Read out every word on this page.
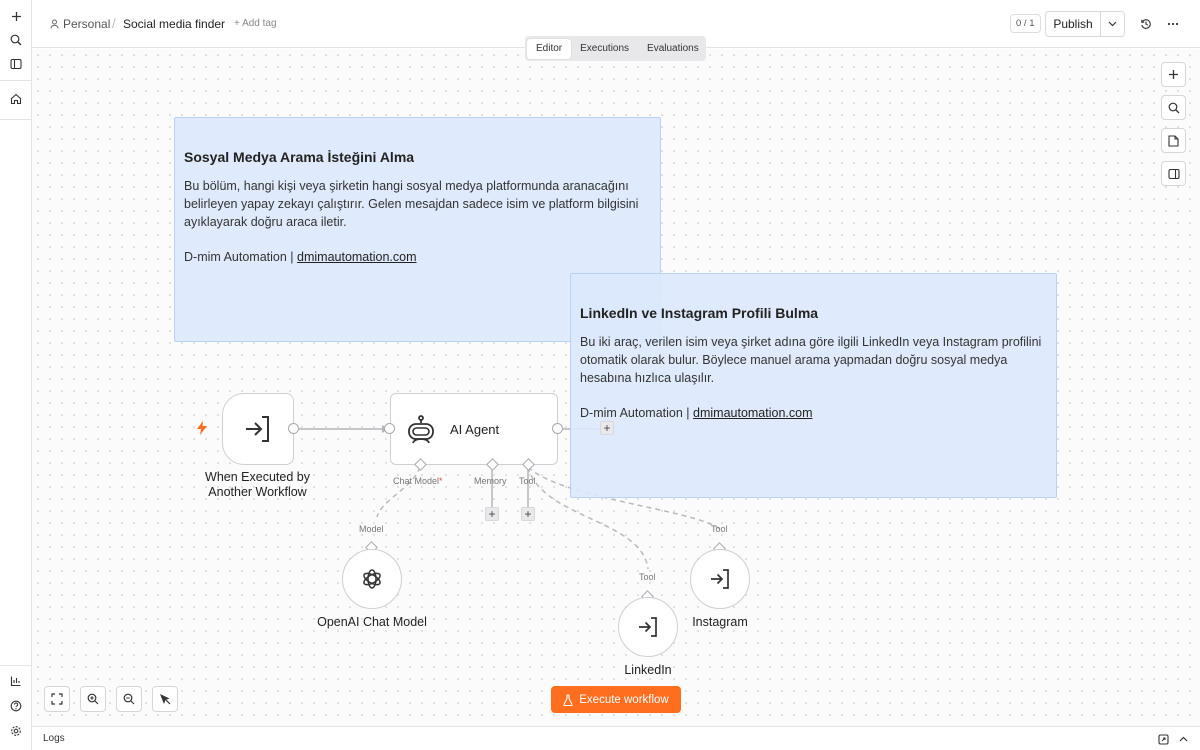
Personal / Social media finder + Add tag	0 / 1	Publish
Editor	Executions	Evaluations
Sosyal Medya Arama İsteğini Alma

Bu bölüm, hangi kişi veya şirketin hangi sosyal medya platformunda aranacağını belirleyen yapay zekayı çalıştırır. Gelen mesajdan sadece isim ve platform bilgisini ayıklayarak doğru araca iletir.

D-mim Automation | dmimautomation.com
LinkedIn ve Instagram Profili Bulma

Bu iki araç, verilen isim veya şirket adına göre ilgili LinkedIn veya Instagram profilini otomatik olarak bulur. Böylece manuel arama yapmadan doğru sosyal medya hesabına hızlıca ulaşılır.

D-mim Automation | dmimautomation.com
When Executed by
Another Workflow
AI Agent	+
Chat Model*	Memory Tool
+ +
Model
OpenAI Chat Model
Tool
LinkedIn
Tool
Instagram
Execute workflow
Logs
